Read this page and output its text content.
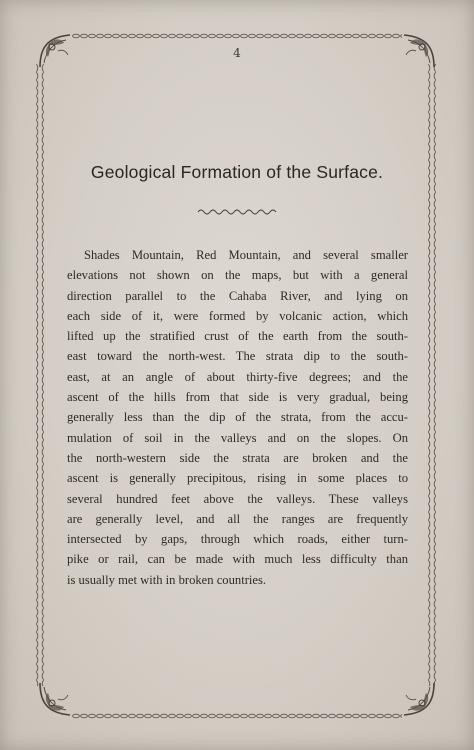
4
Geological Formation of the Surface.
Shades Mountain, Red Mountain, and several smaller
elevations not shown on the maps, but with a general
direction parallel to the Cahaba River, and lying on
each side of it, were formed by volcanic action, which
lifted up the stratified crust of the earth from the south-
east toward the north-west. The strata dip to the south-
east, at an angle of about thirty-five degrees; and the
ascent of the hills from that side is very gradual, being
generally less than the dip of the strata, from the accu-
mulation of soil in the valleys and on the slopes. On
the north-western side the strata are broken and the
ascent is generally precipitous, rising in some places to
several hundred feet above the valleys. These valleys
are generally level, and all the ranges are frequently
intersected by gaps, through which roads, either turn-
pike or rail, can be made with much less difficulty than
is usually met with in broken countries.
